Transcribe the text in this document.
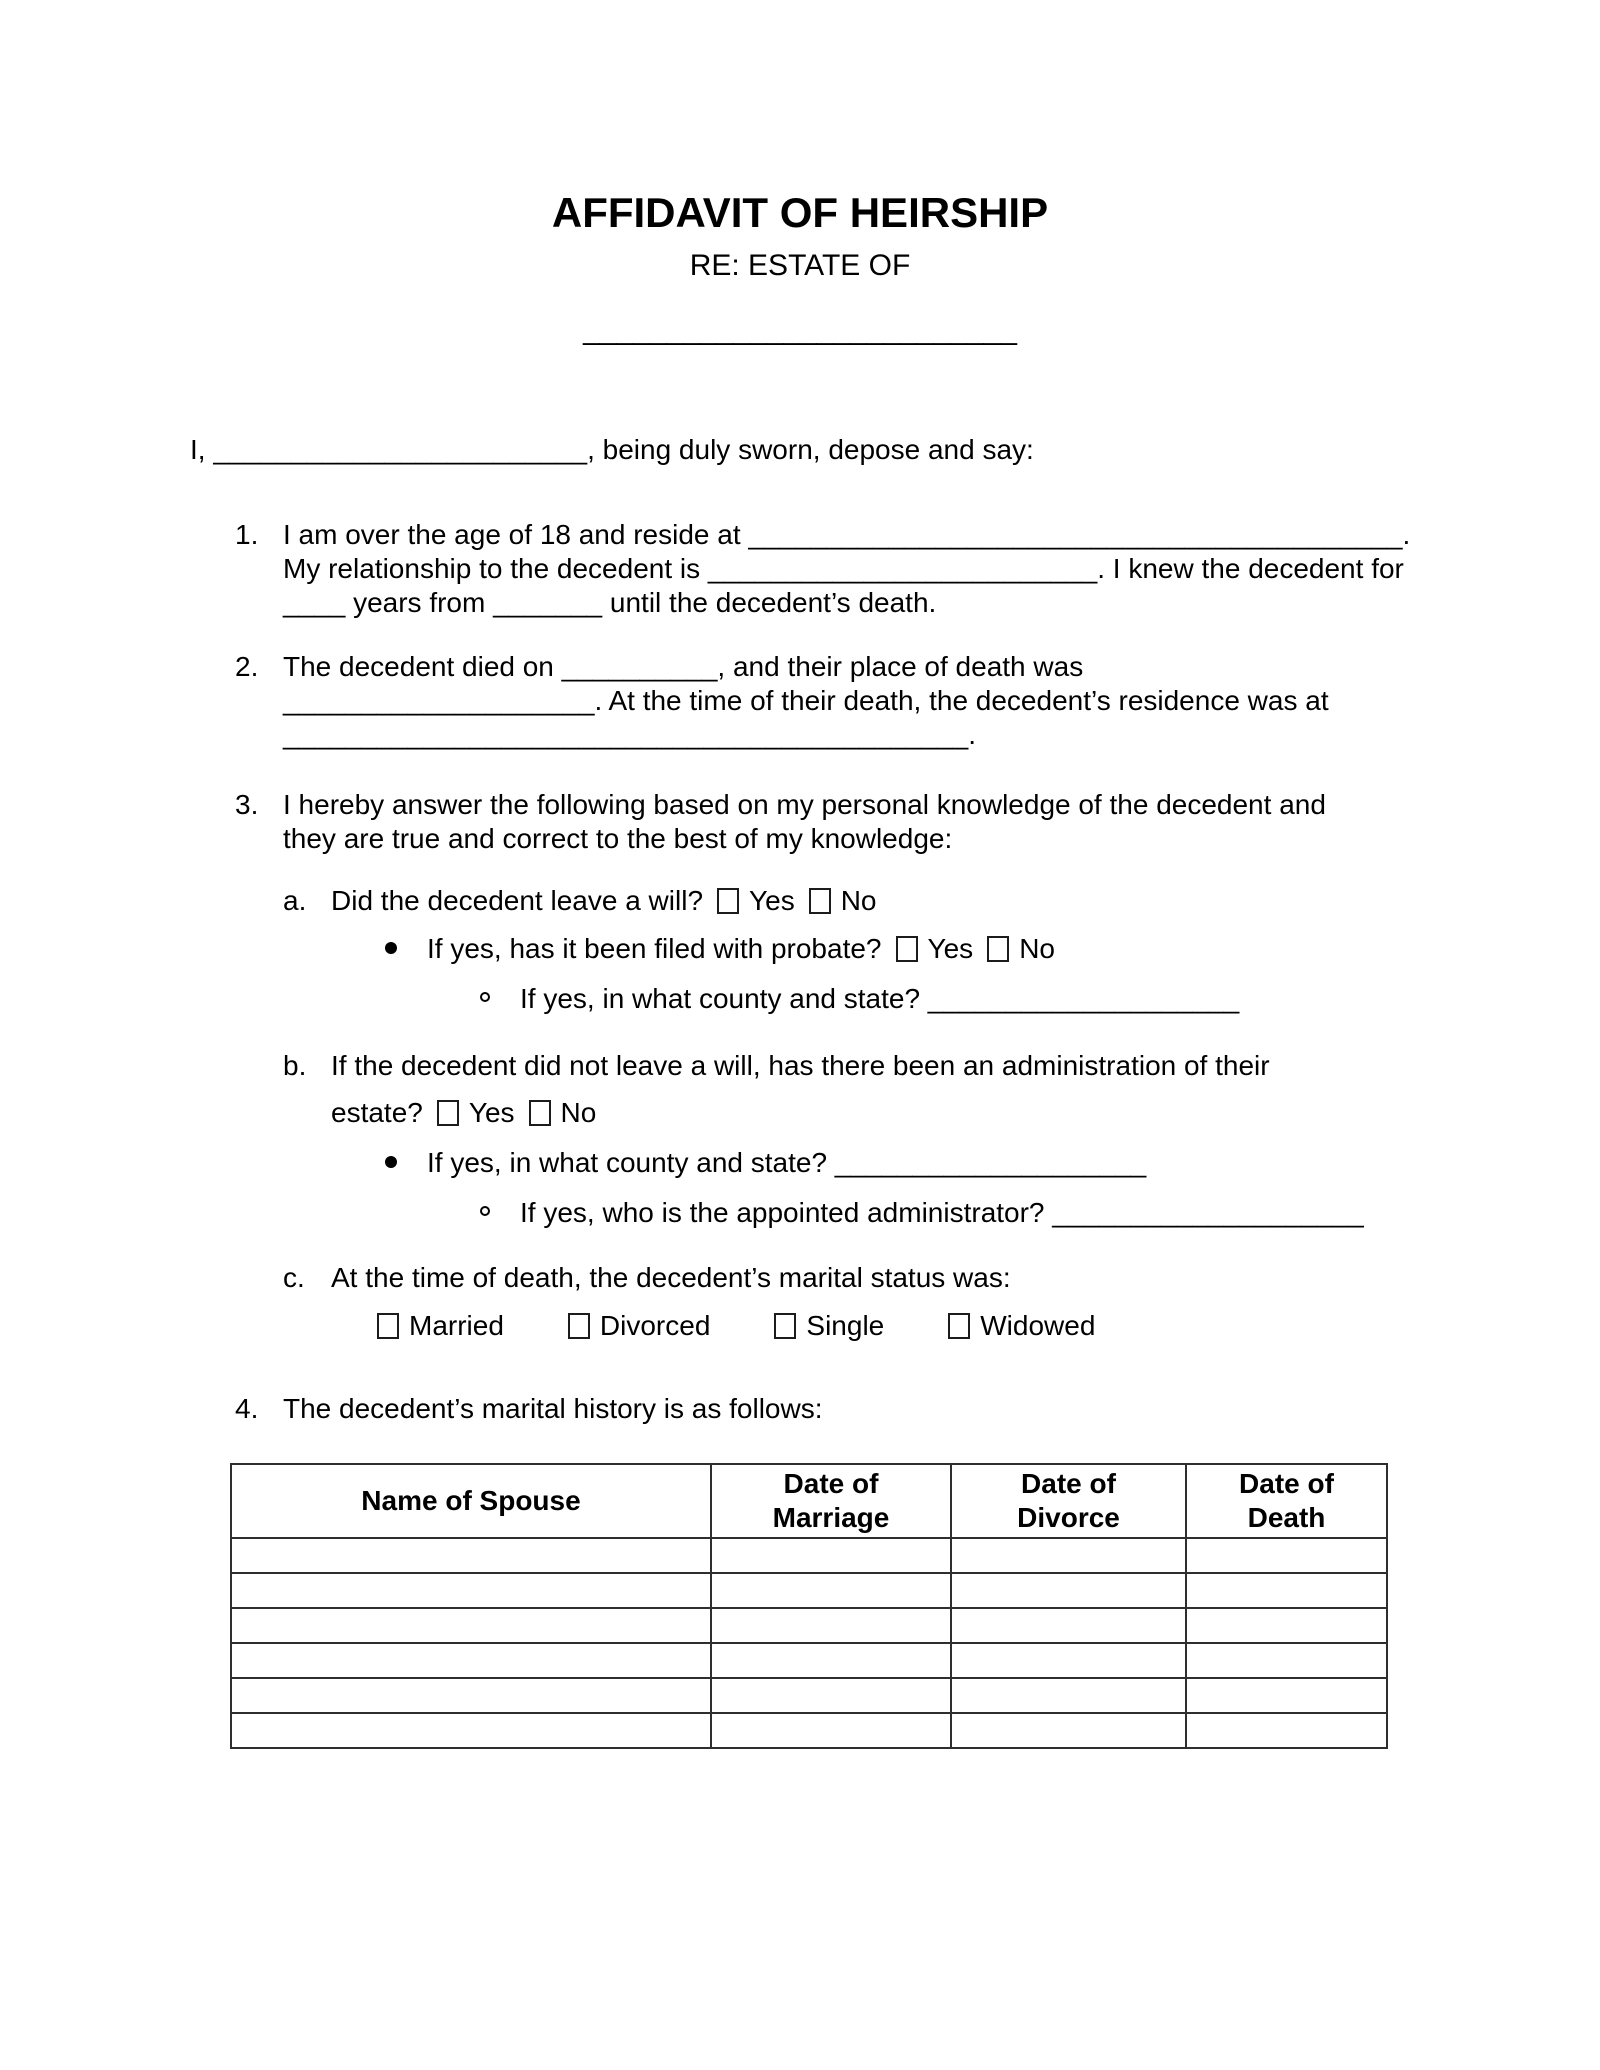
AFFIDAVIT OF HEIRSHIP
RE: ESTATE OF
__________________________
I, ________________________, being duly sworn, depose and say:
1. I am over the age of 18 and reside at __________________________________________.
My relationship to the decedent is _________________________. I knew the decedent for
____ years from _______ until the decedent’s death.
2. The decedent died on __________, and their place of death was
____________________. At the time of their death, the decedent’s residence was at
____________________________________________.
3. I hereby answer the following based on my personal knowledge of the decedent and
they are true and correct to the best of my knowledge:
a. Did the decedent leave a will? Yes No
If yes, has it been filed with probate? Yes No
If yes, in what county and state? ____________________
b. If the decedent did not leave a will, has there been an administration of their
estate? Yes No
If yes, in what county and state? ____________________
If yes, who is the appointed administrator? ____________________
c. At the time of death, the decedent’s marital status was:
Married	Divorced	Single	Widowed
4. The decedent’s marital history is as follows:
Name of Spouse	Date of Marriage	Date of Divorce	Date of Death
